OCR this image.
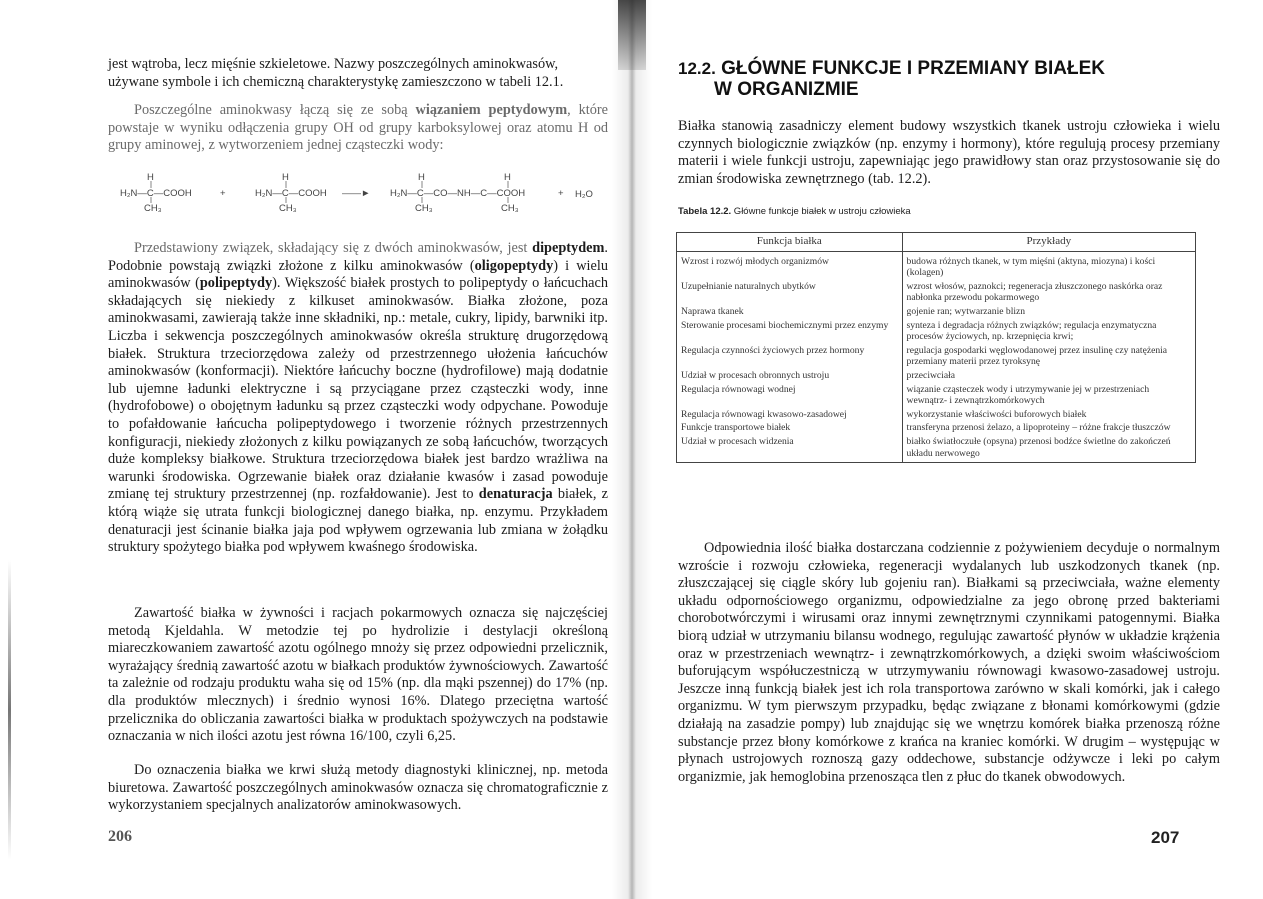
jest wątroba, lecz mięśnie szkieletowe. Nazwy poszczególnych aminokwasów,
używane symbole i ich chemiczną charakterystykę zamieszczono w tabeli 12.1.

Poszczególne aminokwasy łączą się ze sobą wiązaniem peptydowym, które powstaje w wyniku odłączenia grupy OH od grupy karboksylowej oraz atomu H od grupy aminowej, z wytworzeniem jednej cząsteczki wody:

H
H₂N—C—COOH
CH₃
+
H
H₂N—C—COOH
CH₃
——►
H	H
H₂N—C—CO—NH—C—COOH
CH₃	CH₃
+ H₂O

Przedstawiony związek, składający się z dwóch aminokwasów, jest dipeptydem. Podobnie powstają związki złożone z kilku aminokwasów (oligopeptydy) i wielu aminokwasów (polipeptydy). Większość białek prostych to polipeptydy o łańcuchach składających się niekiedy z kilkuset aminokwasów. Białka złożone, poza aminokwasami, zawierają także inne składniki, np.: metale, cukry, lipidy, barwniki itp. Liczba i sekwencja poszczególnych aminokwasów określa strukturę drugorzędową białek. Struktura trzeciorzędowa zależy od przestrzennego ułożenia łańcuchów aminokwasów (konformacji). Niektóre łańcuchy boczne (hydrofilowe) mają dodatnie lub ujemne ładunki elektryczne i są przyciągane przez cząsteczki wody, inne (hydrofobowe) o obojętnym ładunku są przez cząsteczki wody odpychane. Powoduje to pofałdowanie łańcucha polipeptydowego i tworzenie różnych przestrzennych konfiguracji, niekiedy złożonych z kilku powiązanych ze sobą łańcuchów, tworzących duże kompleksy białkowe. Struktura trzeciorzędowa białek jest bardzo wrażliwa na warunki środowiska. Ogrzewanie białek oraz działanie kwasów i zasad powoduje zmianę tej struktury przestrzennej (np. rozfałdowanie). Jest to denaturacja białek, z którą wiąże się utrata funkcji biologicznej danego białka, np. enzymu. Przykładem denaturacji jest ścinanie białka jaja pod wpływem ogrzewania lub zmiana w żołądku struktury spożytego białka pod wpływem kwaśnego środowiska.

Zawartość białka w żywności i racjach pokarmowych oznacza się najczęściej metodą Kjeldahla. W metodzie tej po hydrolizie i destylacji określoną miareczkowaniem zawartość azotu ogólnego mnoży się przez odpowiedni przelicznik, wyrażający średnią zawartość azotu w białkach produktów żywnościowych. Zawartość ta zależnie od rodzaju produktu waha się od 15% (np. dla mąki pszennej) do 17% (np. dla produktów mlecznych) i średnio wynosi 16%. Dlatego przeciętna wartość przelicznika do obliczania zawartości białka w produktach spożywczych na podstawie oznaczania w nich ilości azotu jest równa 16/100, czyli 6,25.

Do oznaczenia białka we krwi służą metody diagnostyki klinicznej, np. metoda biuretowa. Zawartość poszczególnych aminokwasów oznacza się chromatograficznie z wykorzystaniem specjalnych analizatorów aminokwasowych.

206
12.2. GŁÓWNE FUNKCJE I PRZEMIANY BIAŁEK
W ORGANIZMIE

Białka stanowią zasadniczy element budowy wszystkich tkanek ustroju człowieka i wielu czynnych biologicznie związków (np. enzymy i hormony), które regulują procesy przemiany materii i wiele funkcji ustroju, zapewniając jego prawidłowy stan oraz przystosowanie się do zmian środowiska zewnętrznego (tab. 12.2).

Tabela 12.2. Główne funkcje białek w ustroju człowieka
Funkcja białka	Przykłady
Wzrost i rozwój młodych organizmów	budowa różnych tkanek, w tym mięśni (aktyna, miozyna) i kości (kolagen)
Uzupełnianie naturalnych ubytków	wzrost włosów, paznokci; regeneracja złuszczonego naskórka oraz nabłonka przewodu pokarmowego
Naprawa tkanek	gojenie ran; wytwarzanie blizn
Sterowanie procesami biochemicznymi przez enzymy	synteza i degradacja różnych związków; regulacja enzymatyczna procesów życiowych, np. krzepnięcia krwi;
Regulacja czynności życiowych przez hormony	regulacja gospodarki węglowodanowej przez insulinę czy natężenia przemiany materii przez tyroksynę
Udział w procesach obronnych ustroju	przeciwciała
Regulacja równowagi wodnej	wiązanie cząsteczek wody i utrzymywanie jej w przestrzeniach wewnątrz- i zewnątrzkomórkowych
Regulacja równowagi kwasowo-zasadowej	wykorzystanie właściwości buforowych białek
Funkcje transportowe białek	transferyna przenosi żelazo, a lipoproteiny – różne frakcje tłuszczów
Udział w procesach widzenia	białko światłoczułe (opsyna) przenosi bodźce świetlne do zakończeń układu nerwowego

Odpowiednia ilość białka dostarczana codziennie z pożywieniem decyduje o normalnym wzroście i rozwoju człowieka, regeneracji wydalanych lub uszkodzonych tkanek (np. złuszczającej się ciągle skóry lub gojeniu ran). Białkami są przeciwciała, ważne elementy układu odpornościowego organizmu, odpowiedzialne za jego obronę przed bakteriami chorobotwórczymi i wirusami oraz innymi zewnętrznymi czynnikami patogennymi. Białka biorą udział w utrzymaniu bilansu wodnego, regulując zawartość płynów w układzie krążenia oraz w przestrzeniach wewnątrz- i zewnątrzkomórkowych, a dzięki swoim właściwościom buforującym współuczestniczą w utrzymywaniu równowagi kwasowo-zasadowej ustroju. Jeszcze inną funkcją białek jest ich rola transportowa zarówno w skali komórki, jak i całego organizmu. W tym pierwszym przypadku, będąc związane z błonami komórkowymi (gdzie działają na zasadzie pompy) lub znajdując się we wnętrzu komórek białka przenoszą różne substancje przez błony komórkowe z krańca na kraniec komórki. W drugim – występując w płynach ustrojowych roznoszą gazy oddechowe, substancje odżywcze i leki po całym organizmie, jak hemoglobina przenosząca tlen z płuc do tkanek obwodowych.

207
